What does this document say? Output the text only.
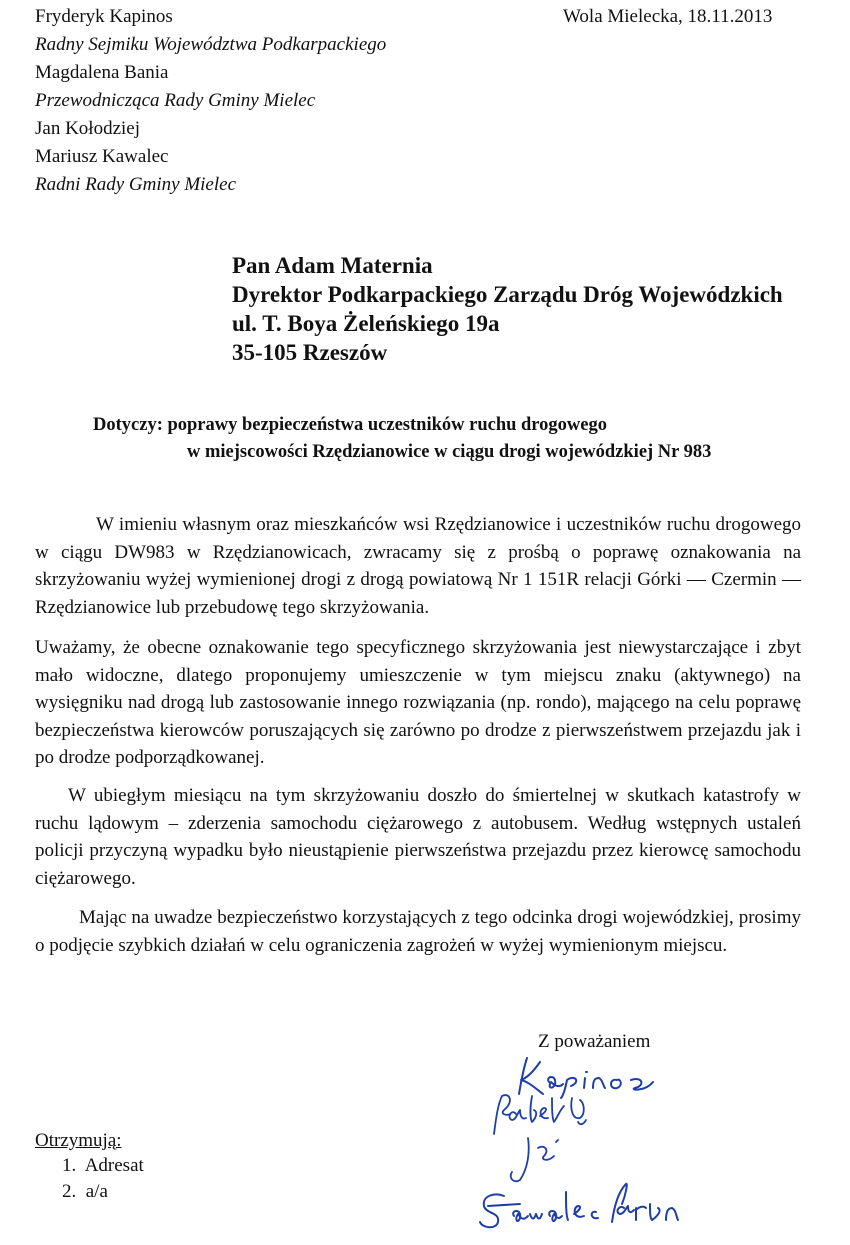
Fryderyk Kapinos
Radny Sejmiku Województwa Podkarpackiego
Magdalena Bania
Przewodnicząca Rady Gminy Mielec
Jan Kołodziej
Mariusz Kawalec
Radni Rady Gminy Mielec
Wola Mielecka, 18.11.2013
Pan Adam Maternia
Dyrektor Podkarpackiego Zarządu Dróg Wojewódzkich
ul. T. Boya Żeleńskiego 19a
35-105 Rzeszów
Dotyczy: poprawy bezpieczeństwa uczestników ruchu drogowego
w miejscowości Rzędzianowice w ciągu drogi wojewódzkiej Nr 983

W imieniu własnym oraz mieszkańców wsi Rzędzianowice i uczestników ruchu drogowego w ciągu DW983 w Rzędzianowicach, zwracamy się z prośbą o poprawę oznakowania na skrzyżowaniu wyżej wymienionej drogi z drogą powiatową Nr 1 151R relacji Górki — Czermin — Rzędzianowice lub przebudowę tego skrzyżowania.

Uważamy, że obecne oznakowanie tego specyficznego skrzyżowania jest niewystarczające i zbyt mało widoczne, dlatego proponujemy umieszczenie w tym miejscu znaku (aktywnego) na wysięgniku nad drogą lub zastosowanie innego rozwiązania (np. rondo), mającego na celu poprawę bezpieczeństwa kierowców poruszających się zarówno po drodze z pierwszeństwem przejazdu jak i po drodze podporządkowanej.

W ubiegłym miesiącu na tym skrzyżowaniu doszło do śmiertelnej w skutkach katastrofy w ruchu lądowym – zderzenia samochodu ciężarowego z autobusem. Według wstępnych ustaleń policji przyczyną wypadku było nieustąpienie pierwszeństwa przejazdu przez kierowcę samochodu ciężarowego.

Mając na uwadze bezpieczeństwo korzystających z tego odcinka drogi wojewódzkiej, prosimy o podjęcie szybkich działań w celu ograniczenia zagrożeń w wyżej wymienionym miejscu.

Z poważaniem
Otrzymują:
1.  Adresat
2.  a/a
